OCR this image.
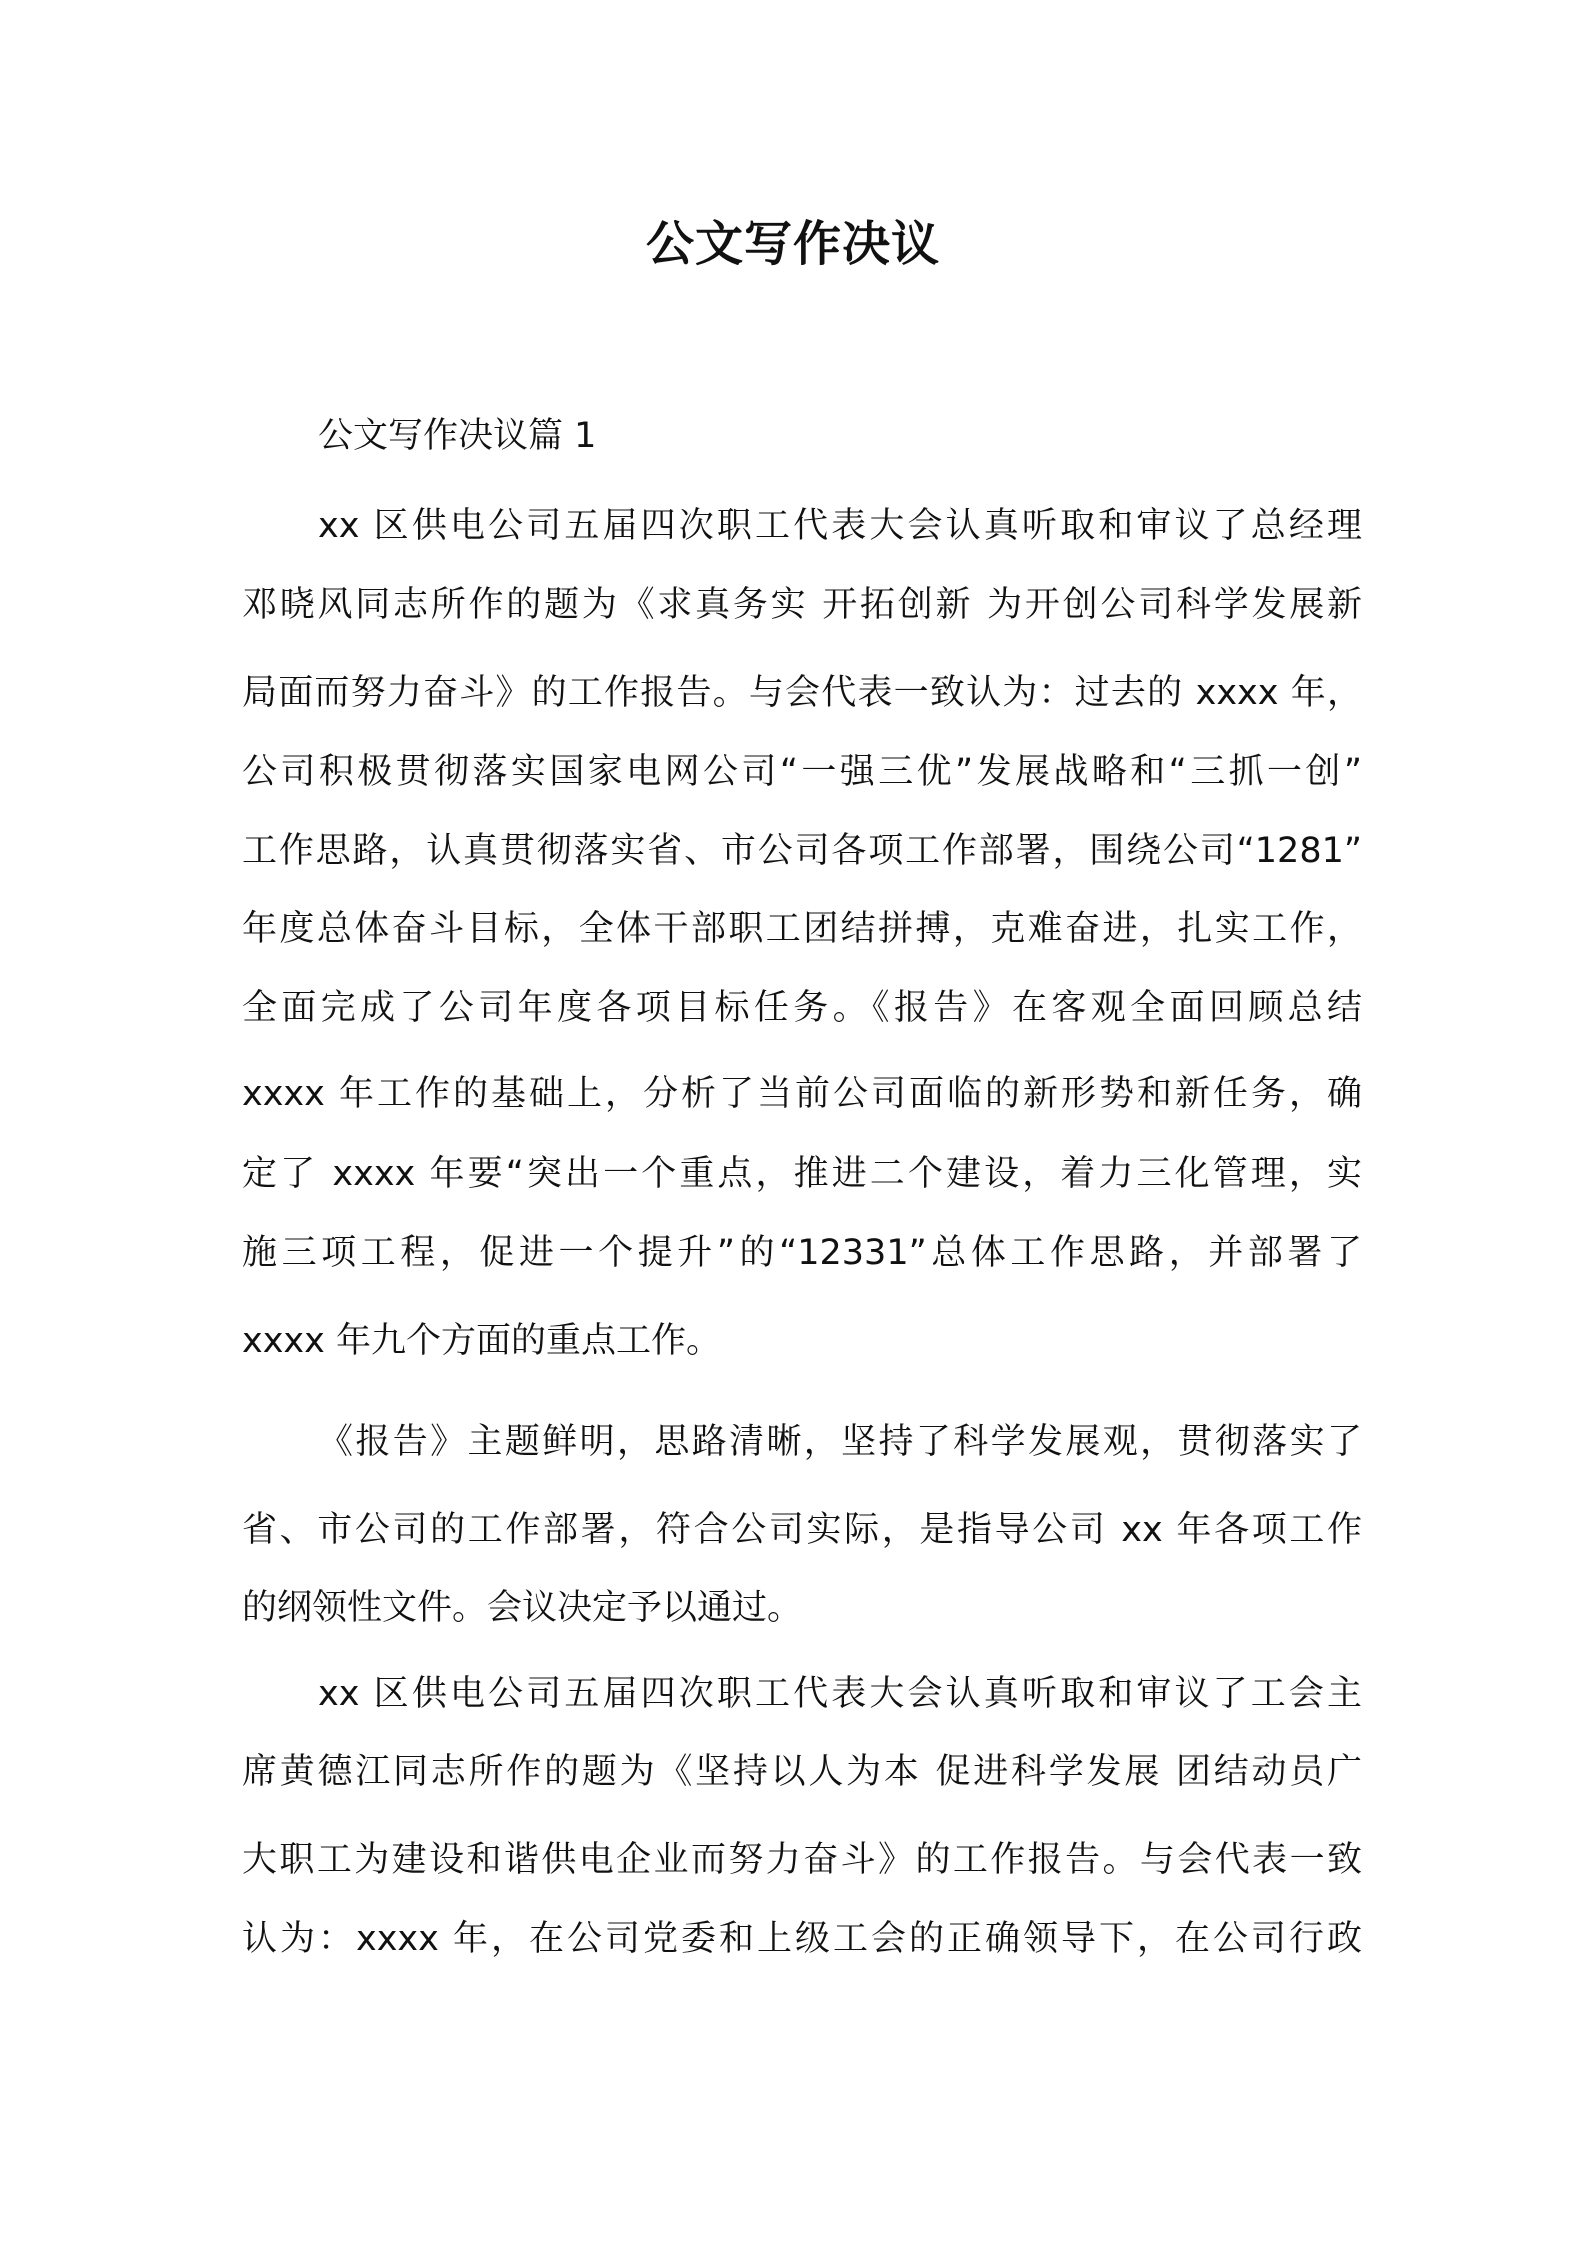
公文写作决议
公文写作决议篇 1
xx 区供电公司五届四次职工代表大会认真听取和审议了总经理
邓晓风同志所作的题为《求真务实 开拓创新 为开创公司科学发展新
局面而努力奋斗》的工作报告。与会代表一致认为：过去的 xxxx 年，
公司积极贯彻落实国家电网公司“一强三优”发展战略和“三抓一创”
工作思路，认真贯彻落实省、市公司各项工作部署，围绕公司“1281”
年度总体奋斗目标，全体干部职工团结拼搏，克难奋进，扎实工作，
全面完成了公司年度各项目标任务。《报告》在客观全面回顾总结
xxxx 年工作的基础上，分析了当前公司面临的新形势和新任务，确
定了 xxxx 年要“突出一个重点，推进二个建设，着力三化管理，实
施三项工程，促进一个提升”的“12331”总体工作思路，并部署了
xxxx 年九个方面的重点工作。
《报告》主题鲜明，思路清晰，坚持了科学发展观，贯彻落实了
省、市公司的工作部署，符合公司实际，是指导公司 xx 年各项工作
的纲领性文件。会议决定予以通过。
xx 区供电公司五届四次职工代表大会认真听取和审议了工会主
席黄德江同志所作的题为《坚持以人为本 促进科学发展 团结动员广
大职工为建设和谐供电企业而努力奋斗》的工作报告。与会代表一致
认为：xxxx 年，在公司党委和上级工会的正确领导下，在公司行政
